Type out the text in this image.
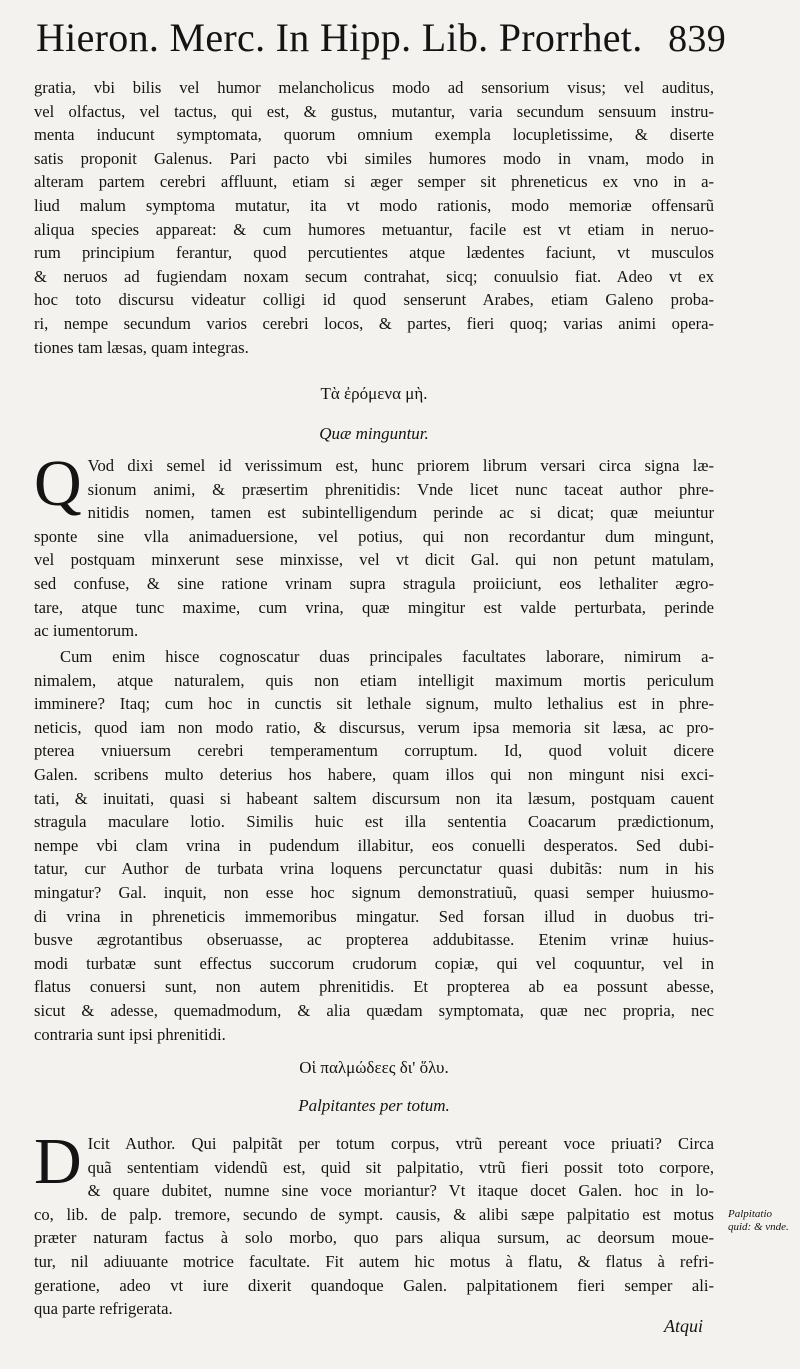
Hieron. Merc. In Hipp. Lib. Prorrhet. 839
gratia, vbi bilis vel humor melancholicus modo ad sensorium visus; vel auditus,
vel olfactus, vel tactus, qui est, & gustus, mutantur, varia secundum sensuum instru-
menta inducunt symptomata, quorum omnium exempla locupletissime, & diserte
satis proponit Galenus. Pari pacto vbi similes humores modo in vnam, modo in
alteram partem cerebri affluunt, etiam si æger semper sit phreneticus ex vno in a-
liud malum symptoma mutatur, ita vt modo rationis, modo memoriæ offensarũ
aliqua species appareat: & cum humores metuantur, facile est vt etiam in neruo-
rum principium ferantur, quod percutientes atque lædentes faciunt, vt musculos
& neruos ad fugiendam noxam secum contrahat, sicq; conuulsio fiat. Adeo vt ex
hoc toto discursu videatur colligi id quod senserunt Arabes, etiam Galeno proba-
ri, nempe secundum varios cerebri locos, & partes, fieri quoq; varias animi opera-
tiones tam læsas, quam integras.
Τὰ ἐρόμενα μὴ.
Quæ minguntur.
Q Vod dixi semel id verissimum est, hunc priorem librum versari circa signa læ-
sionum animi, & præsertim phrenitidis: Vnde licet nunc taceat author phre-
nitidis nomen, tamen est subintelligendum perinde ac si dicat; quæ meiuntur
sponte sine vlla animaduersione, vel potius, qui non recordantur dum mingunt,
vel postquam minxerunt sese minxisse, vel vt dicit Gal. qui non petunt matulam,
sed confuse, & sine ratione vrinam supra stragula proiiciunt, eos lethaliter ægro-
tare, atque tunc maxime, cum vrina, quæ mingitur est valde perturbata, perinde
ac iumentorum.
Cum enim hisce cognoscatur duas principales facultates laborare, nimirum a-
nimalem, atque naturalem, quis non etiam intelligit maximum mortis periculum
imminere? Itaq; cum hoc in cunctis sit lethale signum, multo lethalius est in phre-
neticis, quod iam non modo ratio, & discursus, verum ipsa memoria sit læsa, ac pro-
pterea vniuersum cerebri temperamentum corruptum. Id, quod voluit dicere
Galen. scribens multo deterius hos habere, quam illos qui non mingunt nisi exci-
tati, & inuitati, quasi si habeant saltem discursum non ita læsum, postquam cauent
stragula maculare lotio. Similis huic est illa sententia Coacarum prædictionum,
nempe vbi clam vrina in pudendum illabitur, eos conuelli desperatos. Sed dubi-
tatur, cur Author de turbata vrina loquens percunctatur quasi dubitãs: num in his
mingatur? Gal. inquit, non esse hoc signum demonstratiuũ, quasi semper huiusmo-
di vrina in phreneticis immemoribus mingatur. Sed forsan illud in duobus tri-
busve ægrotantibus obseruasse, ac propterea addubitasse. Etenim vrinæ huius-
modi turbatæ sunt effectus succorum crudorum copiæ, qui vel coquuntur, vel in
flatus conuersi sunt, non autem phrenitidis. Et propterea ab ea possunt abesse,
sicut & adesse, quemadmodum, & alia quædam symptomata, quæ nec propria, nec
contraria sunt ipsi phrenitidi.
Οἱ παλμώδεες δι' ὅλυ.
Palpitantes per totum.
D Icit Author. Qui palpitãt per totum corpus, vtrũ pereant voce priuati? Circa
quã sententiam videndũ est, quid sit palpitatio, vtrũ fieri possit toto corpore,
& quare dubitet, numne sine voce moriantur? Vt itaque docet Galen. hoc in lo-
co, lib. de palp. tremore, secundo de sympt. causis, & alibi sæpe palpitatio est motus
præter naturam factus à solo morbo, quo pars aliqua sursum, ac deorsum moue-
tur, nil adiuuante motrice facultate. Fit autem hic motus à flatu, & flatus à refri-
geratione, adeo vt iure dixerit quandoque Galen. palpitationem fieri semper ali-
qua parte refrigerata.
Palpitatio quid: & vnde.
Atqui
